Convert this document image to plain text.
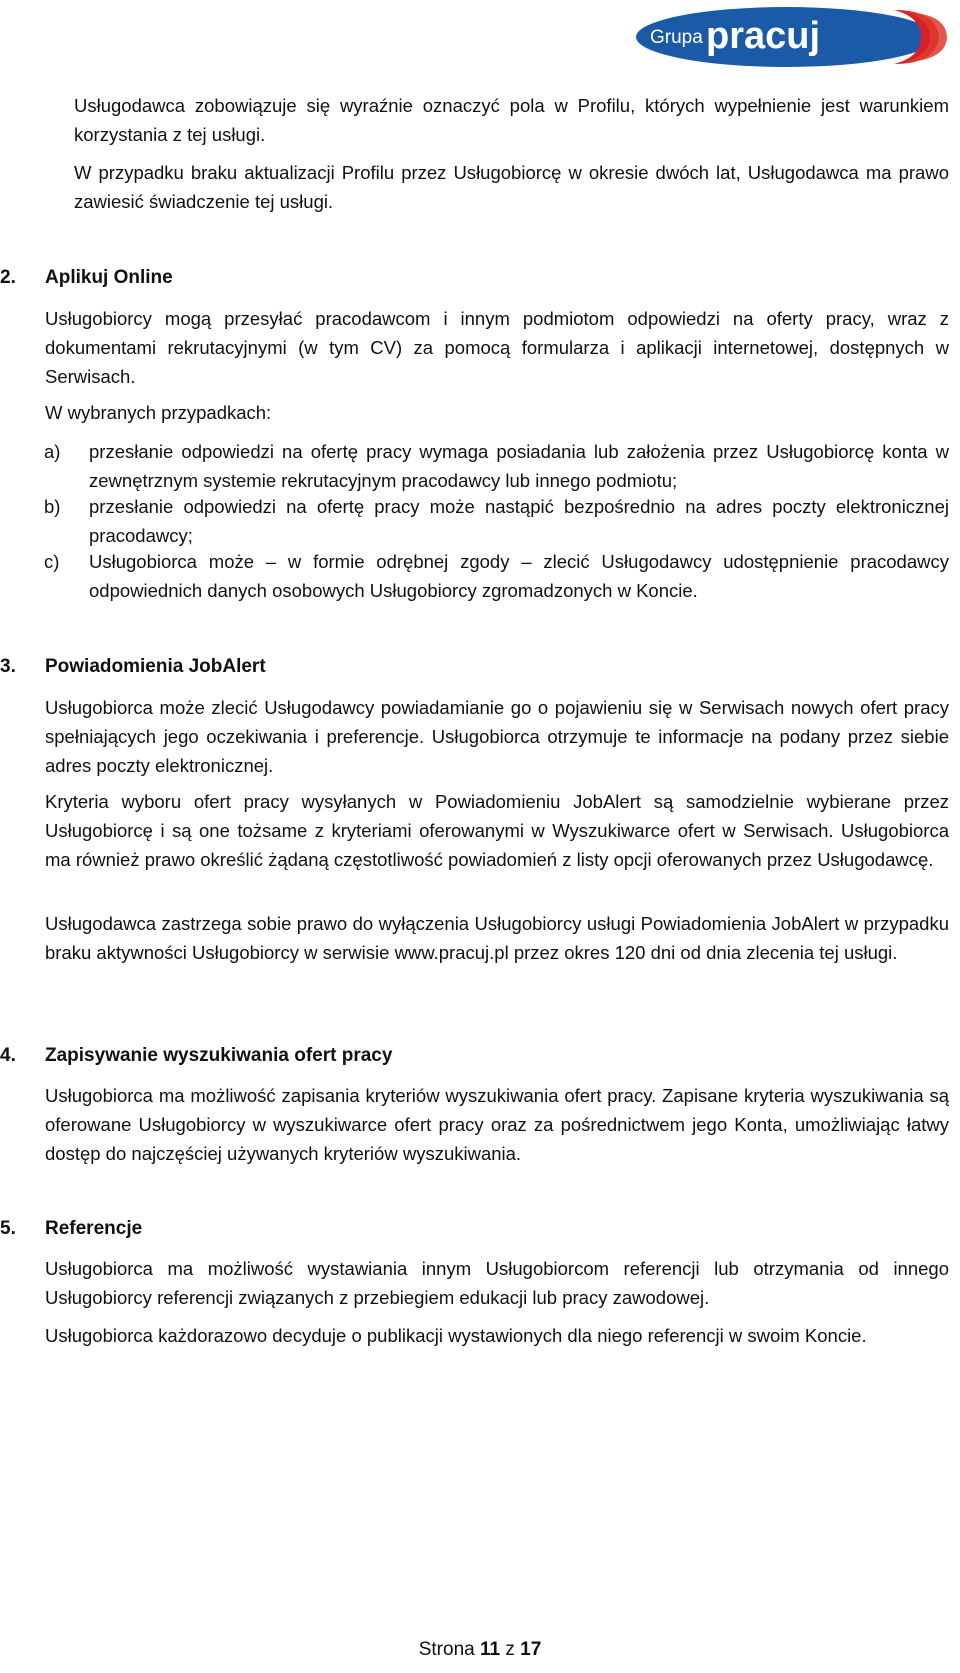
Grupa pracuj

Usługodawca zobowiązuje się wyraźnie oznaczyć pola w Profilu, których wypełnienie jest warunkiem korzystania z tej usługi.

W przypadku braku aktualizacji Profilu przez Usługobiorcę w okresie dwóch lat, Usługodawca ma prawo zawiesić świadczenie tej usługi.

2. Aplikuj Online

Usługobiorcy mogą przesyłać pracodawcom i innym podmiotom odpowiedzi na oferty pracy, wraz z dokumentami rekrutacyjnymi (w tym CV) za pomocą formularza i aplikacji internetowej, dostępnych w Serwisach.

W wybranych przypadkach:

a) przesłanie odpowiedzi na ofertę pracy wymaga posiadania lub założenia przez Usługobiorcę konta w zewnętrznym systemie rekrutacyjnym pracodawcy lub innego podmiotu;
b) przesłanie odpowiedzi na ofertę pracy może nastąpić bezpośrednio na adres poczty elektronicznej pracodawcy;
c) Usługobiorca może – w formie odrębnej zgody – zlecić Usługodawcy udostępnienie pracodawcy odpowiednich danych osobowych Usługobiorcy zgromadzonych w Koncie.
3. Powiadomienia JobAlert

Usługobiorca może zlecić Usługodawcy powiadamianie go o pojawieniu się w Serwisach nowych ofert pracy spełniających jego oczekiwania i preferencje. Usługobiorca otrzymuje te informacje na podany przez siebie adres poczty elektronicznej.

Kryteria wyboru ofert pracy wysyłanych w Powiadomieniu JobAlert są samodzielnie wybierane przez Usługobiorcę i są one tożsame z kryteriami oferowanymi w Wyszukiwarce ofert w Serwisach. Usługobiorca ma również prawo określić żądaną częstotliwość powiadomień z listy opcji oferowanych przez Usługodawcę.

Usługodawca zastrzega sobie prawo do wyłączenia Usługobiorcy usługi Powiadomienia JobAlert w przypadku braku aktywności Usługobiorcy w serwisie www.pracuj.pl przez okres 120 dni od dnia zlecenia tej usługi.

4. Zapisywanie wyszukiwania ofert pracy

Usługobiorca ma możliwość zapisania kryteriów wyszukiwania ofert pracy. Zapisane kryteria wyszukiwania są oferowane Usługobiorcy w wyszukiwarce ofert pracy oraz za pośrednictwem jego Konta, umożliwiając łatwy dostęp do najczęściej używanych kryteriów wyszukiwania.

5. Referencje

Usługobiorca ma możliwość wystawiania innym Usługobiorcom referencji lub otrzymania od innego Usługobiorcy referencji związanych z przebiegiem edukacji lub pracy zawodowej.

Usługobiorca każdorazowo decyduje o publikacji wystawionych dla niego referencji w swoim Koncie.

Strona 11 z 17
